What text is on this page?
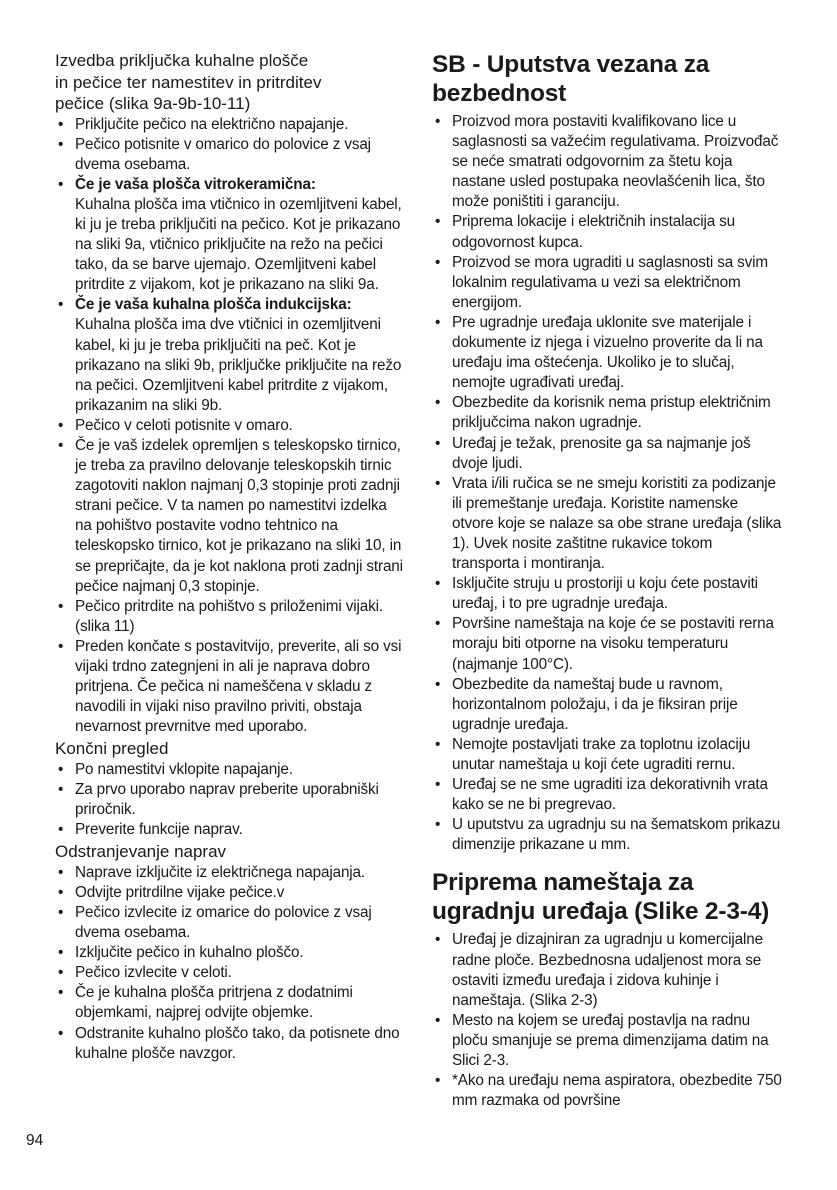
Izvedba priključka kuhalne plošče
in pečice ter namestitev in pritrditev
pečice (slika 9a-9b-10-11)
• Priključite pečico na električno napajanje.
• Pečico potisnite v omarico do polovice z vsaj dvema osebama.
• Če je vaša plošča vitrokeramična:
Kuhalna plošča ima vtičnico in ozemljitveni kabel, ki ju je treba priključiti na pečico. Kot je prikazano na sliki 9a, vtičnico priključite na režo na pečici tako, da se barve ujemajo. Ozemljitveni kabel pritrdite z vijakom, kot je prikazano na sliki 9a.
• Če je vaša kuhalna plošča indukcijska:
Kuhalna plošča ima dve vtičnici in ozemljitveni kabel, ki ju je treba priključiti na peč. Kot je prikazano na sliki 9b, priključke priključite na režo na pečici. Ozemljitveni kabel pritrdite z vijakom, prikazanim na sliki 9b.
• Pečico v celoti potisnite v omaro.
• Če je vaš izdelek opremljen s teleskopsko tirnico, je treba za pravilno delovanje teleskopskih tirnic zagotoviti naklon najmanj 0,3 stopinje proti zadnji strani pečice. V ta namen po namestitvi izdelka na pohištvo postavite vodno tehtnico na teleskopsko tirnico, kot je prikazano na sliki 10, in se prepričajte, da je kot naklona proti zadnji strani pečice najmanj 0,3 stopinje.
• Pečico pritrdite na pohištvo s priloženimi vijaki. (slika 11)
• Preden končate s postavitvijo, preverite, ali so vsi vijaki trdno zategnjeni in ali je naprava dobro pritrjena. Če pečica ni nameščena v skladu z navodili in vijaki niso pravilno priviti, obstaja nevarnost prevrnitve med uporabo.
Končni pregled
• Po namestitvi vklopite napajanje.
• Za prvo uporabo naprav preberite uporabniški priročnik.
• Preverite funkcije naprav.
Odstranjevanje naprav
• Naprave izključite iz električnega napajanja.
• Odvijte pritrdilne vijake pečice.v
• Pečico izvlecite iz omarice do polovice z vsaj dvema osebama.
• Izključite pečico in kuhalno ploščo.
• Pečico izvlecite v celoti.
• Če je kuhalna plošča pritrjena z dodatnimi objemkami, najprej odvijte objemke.
• Odstranite kuhalno ploščo tako, da potisnete dno kuhalne plošče navzgor.
SB - Uputstva vezana za
bezbednost
• Proizvod mora postaviti kvalifikovano lice u saglasnosti sa važećim regulativama. Proizvođač se neće smatrati odgovornim za štetu koja nastane usled postupaka neovlašćenih lica, što može poništiti i garanciju.
• Priprema lokacije i električnih instalacija su odgovornost kupca.
• Proizvod se mora ugraditi u saglasnosti sa svim lokalnim regulativama u vezi sa električnom energijom.
• Pre ugradnje uređaja uklonite sve materijale i dokumente iz njega i vizuelno proverite da li na uređaju ima oštećenja. Ukoliko je to slučaj, nemojte ugrađivati uređaj.
• Obezbedite da korisnik nema pristup električnim priključcima nakon ugradnje.
• Uređaj je težak, prenosite ga sa najmanje još dvoje ljudi.
• Vrata i/ili ručica se ne smeju koristiti za podizanje ili premeštanje uređaja. Koristite namenske otvore koje se nalaze sa obe strane uređaja (slika 1). Uvek nosite zaštitne rukavice tokom transporta i montiranja.
• Isključite struju u prostoriji u koju ćete postaviti uređaj, i to pre ugradnje uređaja.
• Površine nameštaja na koje će se postaviti rerna moraju biti otporne na visoku temperaturu (najmanje 100°C).
• Obezbedite da nameštaj bude u ravnom, horizontalnom položaju, i da je fiksiran prije ugradnje uređaja.
• Nemojte postavljati trake za toplotnu izolaciju unutar nameštaja u koji ćete ugraditi rernu.
• Uređaj se ne sme ugraditi iza dekorativnih vrata kako se ne bi pregrevao.
• U uputstvu za ugradnju su na šematskom prikazu dimenzije prikazane u mm.
Priprema nameštaja za
ugradnju uređaja (Slike 2-3-4)
• Uređaj je dizajniran za ugradnju u komercijalne radne ploče. Bezbednosna udaljenost mora se ostaviti između uređaja i zidova kuhinje i nameštaja. (Slika 2-3)
• Mesto na kojem se uređaj postavlja na radnu ploču smanjuje se prema dimenzijama datim na Slici 2-3.
• *Ako na uređaju nema aspiratora, obezbedite 750 mm razmaka od površine
94
